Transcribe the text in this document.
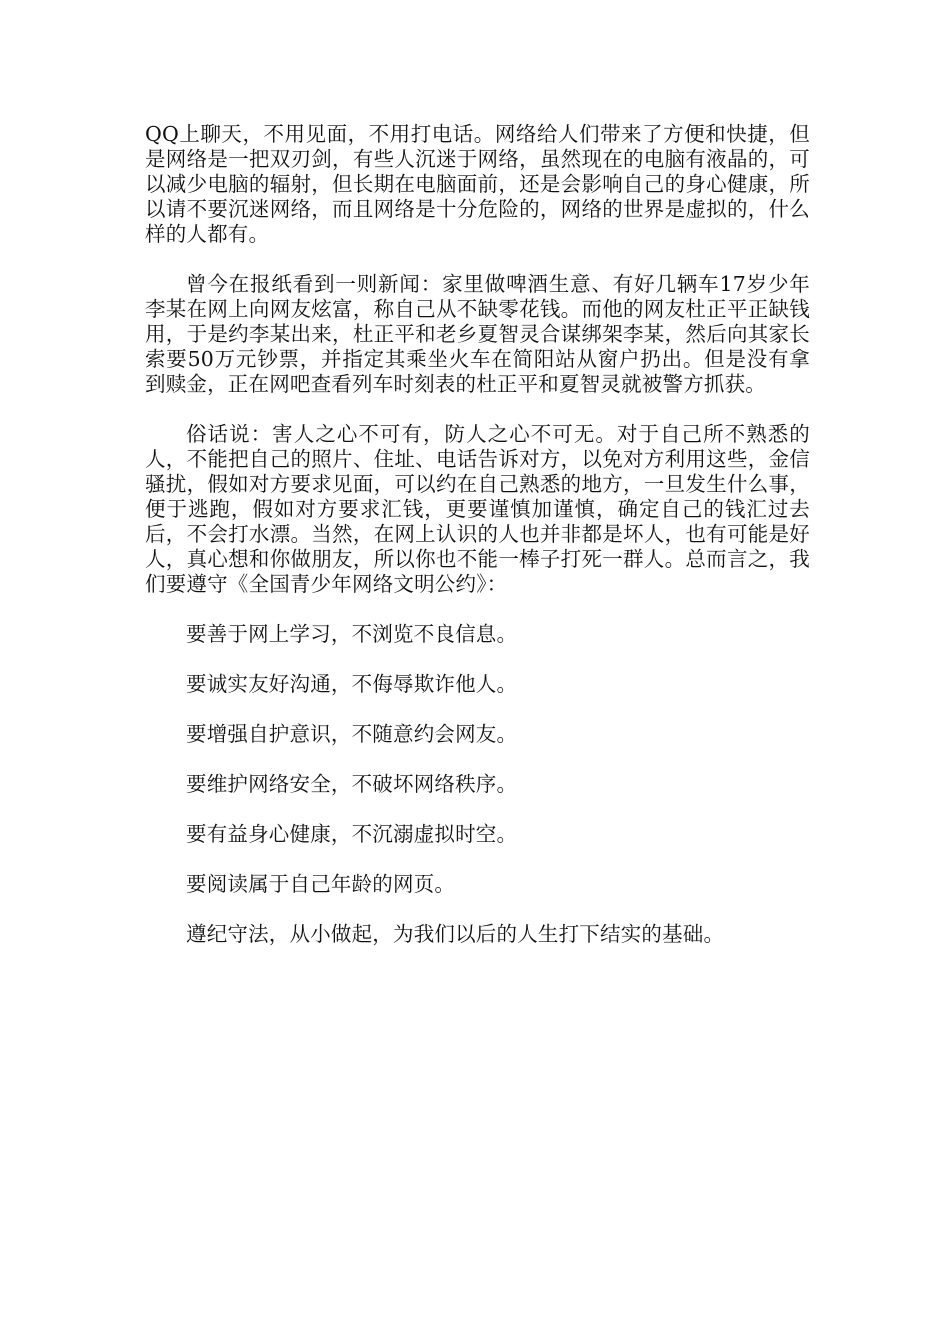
QQ上聊天，不用见面，不用打电话。网络给人们带来了方便和快捷，但是网络是一把双刃剑，有些人沉迷于网络，虽然现在的电脑有液晶的，可以减少电脑的辐射，但长期在电脑面前，还是会影响自己的身心健康，所以请不要沉迷网络，而且网络是十分危险的，网络的世界是虚拟的，什么样的人都有。

曾今在报纸看到一则新闻：家里做啤酒生意、有好几辆车17岁少年李某在网上向网友炫富，称自己从不缺零花钱。而他的网友杜正平正缺钱用，于是约李某出来，杜正平和老乡夏智灵合谋绑架李某，然后向其家长索要50万元钞票，并指定其乘坐火车在简阳站从窗户扔出。但是没有拿到赎金，正在网吧查看列车时刻表的杜正平和夏智灵就被警方抓获。

俗话说：害人之心不可有，防人之心不可无。对于自己所不熟悉的人，不能把自己的照片、住址、电话告诉对方，以免对方利用这些，金信骚扰，假如对方要求见面，可以约在自己熟悉的地方，一旦发生什么事，便于逃跑，假如对方要求汇钱，更要谨慎加谨慎，确定自己的钱汇过去后，不会打水漂。当然，在网上认识的人也并非都是坏人，也有可能是好人，真心想和你做朋友，所以你也不能一棒子打死一群人。总而言之，我们要遵守《全国青少年网络文明公约》：

要善于网上学习，不浏览不良信息。
要诚实友好沟通，不侮辱欺诈他人。
要增强自护意识，不随意约会网友。
要维护网络安全，不破坏网络秩序。
要有益身心健康，不沉溺虚拟时空。
要阅读属于自己年龄的网页。
遵纪守法，从小做起，为我们以后的人生打下结实的基础。
